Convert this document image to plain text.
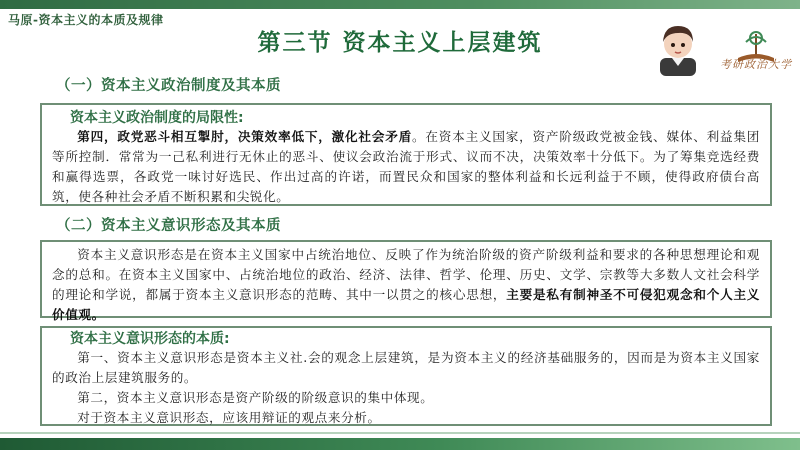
马原-资本主义的本质及规律
第三节 资本主义上层建筑
考研政治大学
（一）资本主义政治制度及其本质
资本主义政治制度的局限性:

第四，政党恶斗相互掣肘，决策效率低下，激化社会矛盾。在资本主义国家，资产阶级政党被金钱、媒体、利益集团等所控制．常常为一己私利进行无休止的恶斗、使议会政治流于形式、议而不决，决策效率十分低下。为了筹集竞选经费和赢得选票，各政党一味讨好选民、作出过高的许诺，而置民众和国家的整体利益和长远利益于不顾，使得政府债台高筑，使各种社会矛盾不断积累和尖锐化。

（二）资本主义意识形态及其本质

资本主义意识形态是在资本主义国家中占统治地位、反映了作为统治阶级的资产阶级利益和要求的各种思想理论和观念的总和。在资本主义国家中、占统治地位的政治、经济、法律、哲学、伦理、历史、文学、宗教等大多数人文社会科学的理论和学说，都属于资本主义意识形态的范畴、其中一以贯之的核心思想，主要是私有制神圣不可侵犯观念和个人主义价值观。

资本主义意识形态的本质:

第一、资本主义意识形态是资本主义社.会的观念上层建筑，是为资本主义的经济基础服务的，因而是为资本主义国家的政治上层建筑服务的。

第二，资本主义意识形态是资产阶级的阶级意识的集中体现。

对于资本主义意识形态，应该用辩证的观点来分析。
